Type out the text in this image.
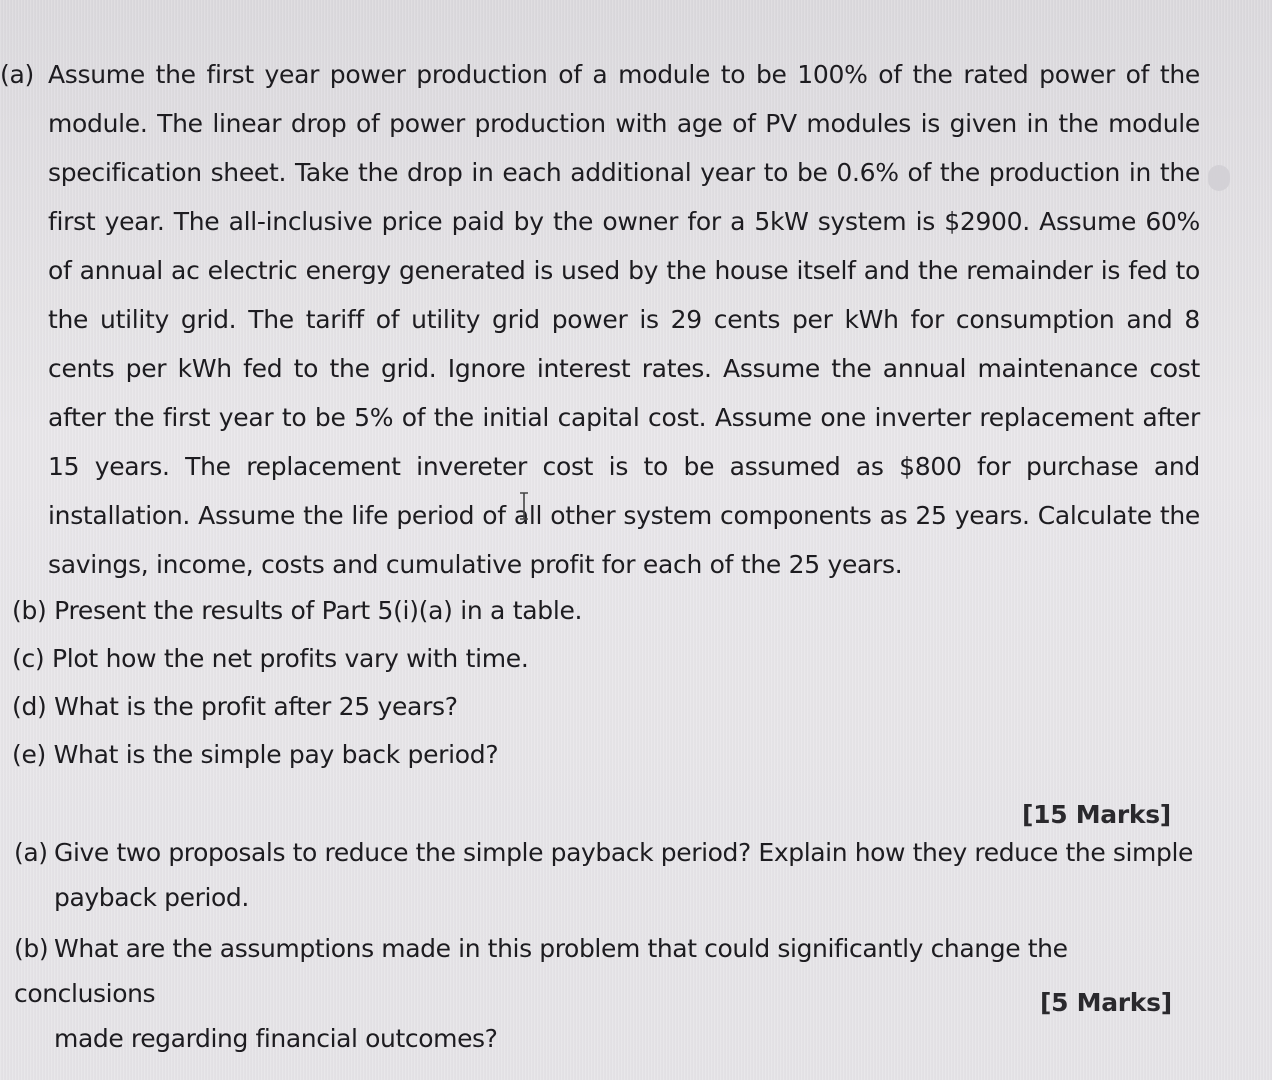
(a) Assume the first year power production of a module to be 100% of the rated power of the module. The linear drop of power production with age of PV modules is given in the module specification sheet. Take the drop in each additional year to be 0.6% of the production in the first year. The all-inclusive price paid by the owner for a 5kW system is $2900. Assume 60% of annual ac electric energy generated is used by the house itself and the remainder is fed to the utility grid. The tariff of utility grid power is 29 cents per kWh for consumption and 8 cents per kWh fed to the grid. Ignore interest rates. Assume the annual maintenance cost after the first year to be 5% of the initial capital cost. Assume one inverter replacement after 15 years. The replacement invereter cost is to be assumed as $800 for purchase and installation. Assume the life period of all other system components as 25 years. Calculate the savings, income, costs and cumulative profit for each of the 25 years.
(b) Present the results of Part 5(i)(a) in a table.
(c) Plot how the net profits vary with time.
(d) What is the profit after 25 years?
(e) What is the simple pay back period?
[15 Marks]
(a) Give two proposals to reduce the simple payback period? Explain how they reduce the simple
payback period.
(b) What are the assumptions made in this problem that could significantly change the conclusions
made regarding financial outcomes?
[5 Marks]
